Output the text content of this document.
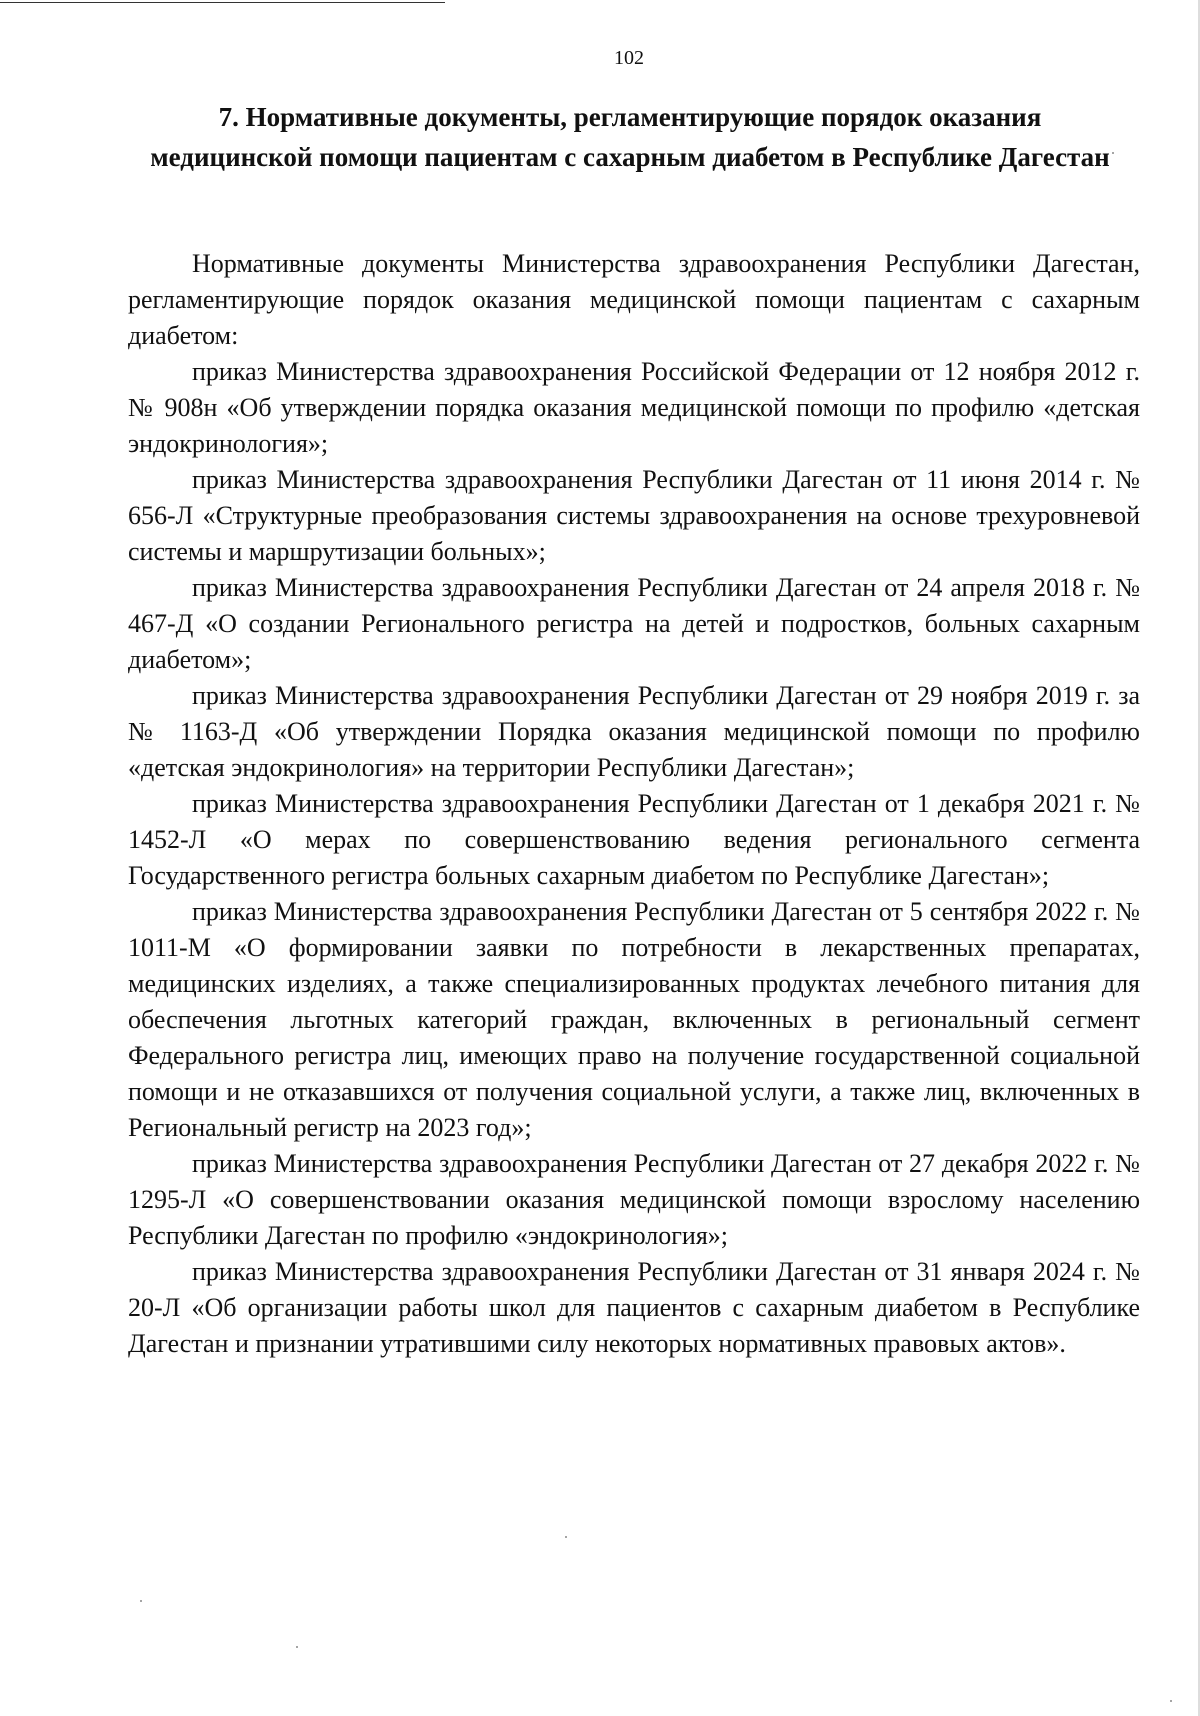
102
7. Нормативные документы, регламентирующие порядок оказания медицинской помощи пациентам с сахарным диабетом в Республике Дагестан

Нормативные документы Министерства здравоохранения Республики Дагестан, регламентирующие порядок оказания медицинской помощи пациентам с сахарным диабетом:

приказ Министерства здравоохранения Российской Федерации от 12 ноября 2012 г. № 908н «Об утверждении порядка оказания медицинской помощи по профилю «детская эндокринология»;

приказ Министерства здравоохранения Республики Дагестан от 11 июня 2014 г. № 656-Л «Структурные преобразования системы здравоохранения на основе трехуровневой системы и маршрутизации больных»;

приказ Министерства здравоохранения Республики Дагестан от 24 апреля 2018 г. № 467-Д «О создании Регионального регистра на детей и подростков, больных сахарным диабетом»;

приказ Министерства здравоохранения Республики Дагестан от 29 ноября 2019 г. за № 1163-Д «Об утверждении Порядка оказания медицинской помощи по профилю «детская эндокринология» на территории Республики Дагестан»;

приказ Министерства здравоохранения Республики Дагестан от 1 декабря 2021 г. № 1452-Л «О мерах по совершенствованию ведения регионального сегмента Государственного регистра больных сахарным диабетом по Республике Дагестан»;

приказ Министерства здравоохранения Республики Дагестан от 5 сентября 2022 г. № 1011-М «О формировании заявки по потребности в лекарственных препаратах, медицинских изделиях, а также специализированных продуктах лечебного питания для обеспечения льготных категорий граждан, включенных в региональный сегмент Федерального регистра лиц, имеющих право на получение государственной социальной помощи и не отказавшихся от получения социальной услуги, а также лиц, включенных в Региональный регистр на 2023 год»;

приказ Министерства здравоохранения Республики Дагестан от 27 декабря 2022 г. № 1295-Л «О совершенствовании оказания медицинской помощи взрослому населению Республики Дагестан по профилю «эндокринология»;

приказ Министерства здравоохранения Республики Дагестан от 31 января 2024 г. № 20-Л «Об организации работы школ для пациентов с сахарным диабетом в Республике Дагестан и признании утратившими силу некоторых нормативных правовых актов».
